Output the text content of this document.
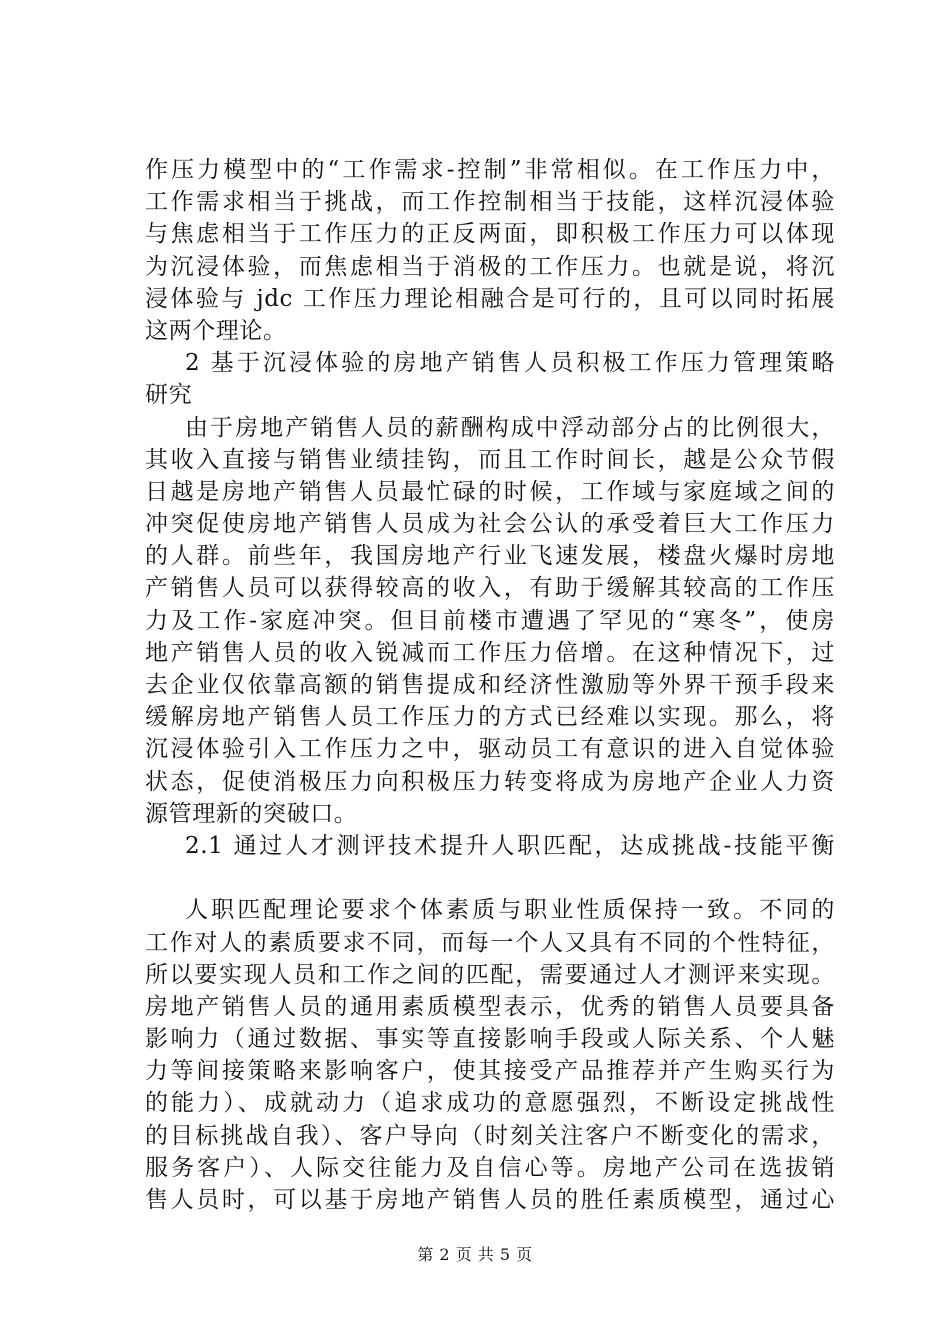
作压力模型中的“工作需求-控制”非常相似。在工作压力中，
工作需求相当于挑战，而工作控制相当于技能，这样沉浸体验
与焦虑相当于工作压力的正反两面，即积极工作压力可以体现
为沉浸体验，而焦虑相当于消极的工作压力。也就是说，将沉
浸体验与 jdc 工作压力理论相融合是可行的，且可以同时拓展
这两个理论。
2 基于沉浸体验的房地产销售人员积极工作压力管理策略
研究
由于房地产销售人员的薪酬构成中浮动部分占的比例很大，
其收入直接与销售业绩挂钩，而且工作时间长，越是公众节假
日越是房地产销售人员最忙碌的时候，工作域与家庭域之间的
冲突促使房地产销售人员成为社会公认的承受着巨大工作压力
的人群。前些年，我国房地产行业飞速发展，楼盘火爆时房地
产销售人员可以获得较高的收入，有助于缓解其较高的工作压
力及工作-家庭冲突。但目前楼市遭遇了罕见的“寒冬”，使房
地产销售人员的收入锐减而工作压力倍增。在这种情况下，过
去企业仅依靠高额的销售提成和经济性激励等外界干预手段来
缓解房地产销售人员工作压力的方式已经难以实现。那么，将
沉浸体验引入工作压力之中，驱动员工有意识的进入自觉体验
状态，促使消极压力向积极压力转变将成为房地产企业人力资
源管理新的突破口。
2.1 通过人才测评技术提升人职匹配，达成挑战-技能平衡
人职匹配理论要求个体素质与职业性质保持一致。不同的
工作对人的素质要求不同，而每一个人又具有不同的个性特征，
所以要实现人员和工作之间的匹配，需要通过人才测评来实现。
房地产销售人员的通用素质模型表示，优秀的销售人员要具备
影响力（通过数据、事实等直接影响手段或人际关系、个人魅
力等间接策略来影响客户，使其接受产品推荐并产生购买行为
的能力）、成就动力（追求成功的意愿强烈，不断设定挑战性
的目标挑战自我）、客户导向（时刻关注客户不断变化的需求，
服务客户）、人际交往能力及自信心等。房地产公司在选拔销
售人员时，可以基于房地产销售人员的胜任素质模型，通过心
第 2 页 共 5 页
